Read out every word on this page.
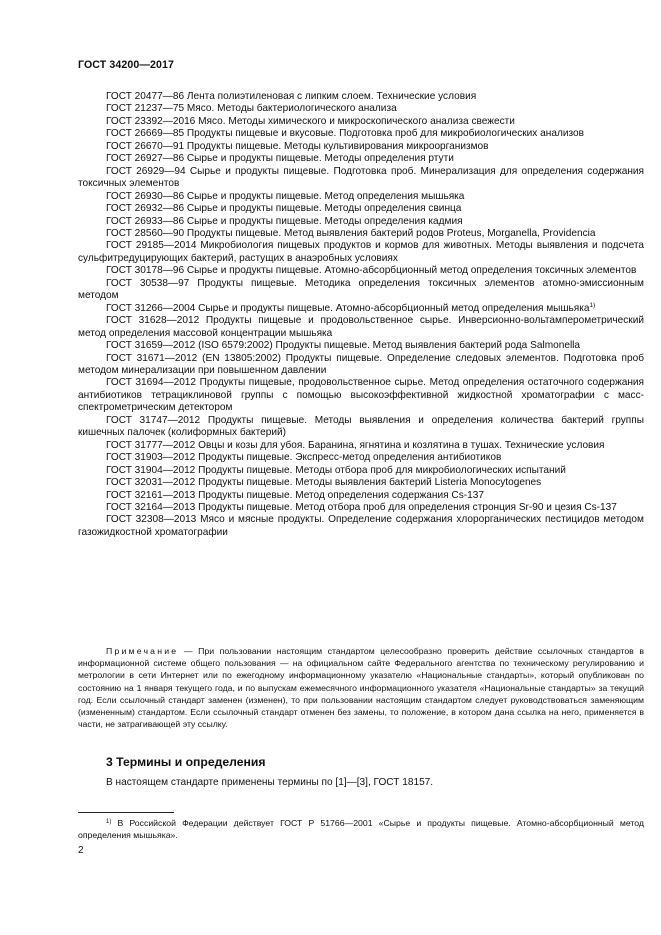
ГОСТ 34200—2017

ГОСТ 20477—86 Лента полиэтиленовая с липким слоем. Технические условия

ГОСТ 21237—75 Мясо. Методы бактериологического анализа

ГОСТ 23392—2016 Мясо. Методы химического и микроскопического анализа свежести

ГОСТ 26669—85 Продукты пищевые и вкусовые. Подготовка проб для микробиологических анализов

ГОСТ 26670—91 Продукты пищевые. Методы культивирования микроорганизмов

ГОСТ 26927—86 Сырье и продукты пищевые. Методы определения ртути

ГОСТ 26929—94 Сырье и продукты пищевые. Подготовка проб. Минерализация для определения содержания токсичных элементов

ГОСТ 26930—86 Сырье и продукты пищевые. Метод определения мышьяка

ГОСТ 26932—86 Сырье и продукты пищевые. Методы определения свинца

ГОСТ 26933—86 Сырье и продукты пищевые. Методы определения кадмия

ГОСТ 28560—90 Продукты пищевые. Метод выявления бактерий родов Proteus, Morganella, Providencia

ГОСТ 29185—2014 Микробиология пищевых продуктов и кормов для животных. Методы выявления и подсчета сульфитредуцирующих бактерий, растущих в анаэробных условиях

ГОСТ 30178—96 Сырье и продукты пищевые. Атомно-абсорбционный метод определения токсичных элементов

ГОСТ 30538—97 Продукты пищевые. Методика определения токсичных элементов атомно-эмиссионным методом

ГОСТ 31266—2004 Сырье и продукты пищевые. Атомно-абсорбционный метод определения мышьяка$^{1)}$

ГОСТ 31628—2012 Продукты пищевые и продовольственное сырье. Инверсионно-вольтамперометрический метод определения массовой концентрации мышьяка

ГОСТ 31659—2012 (ISO 6579:2002) Продукты пищевые. Метод выявления бактерий рода Salmonella

ГОСТ 31671—2012 (EN 13805:2002) Продукты пищевые. Определение следовых элементов. Подготовка проб методом минерализации при повышенном давлении

ГОСТ 31694—2012 Продукты пищевые, продовольственное сырье. Метод определения остаточного содержания антибиотиков тетрациклиновой группы с помощью высокоэффективной жидкостной хроматографии с масс-спектрометрическим детектором

ГОСТ 31747—2012 Продукты пищевые. Методы выявления и определения количества бактерий группы кишечных палочек (колиформных бактерий)

ГОСТ 31777—2012 Овцы и козы для убоя. Баранина, ягнятина и козлятина в тушах. Технические условия

ГОСТ 31903—2012 Продукты пищевые. Экспресс-метод определения антибиотиков

ГОСТ 31904—2012 Продукты пищевые. Методы отбора проб для микробиологических испытаний

ГОСТ 32031—2012 Продукты пищевые. Методы выявления бактерий Listeria Monocytogenes

ГОСТ 32161—2013 Продукты пищевые. Метод определения содержания Cs-137

ГОСТ 32164—2013 Продукты пищевые. Метод отбора проб для определения стронция Sr-90 и цезия Cs-137

ГОСТ 32308—2013 Мясо и мясные продукты. Определение содержания хлорорганических пестицидов методом газожидкостной хроматографии

Примечание — При пользовании настоящим стандартом целесообразно проверить действие ссылочных стандартов в информационной системе общего пользования — на официальном сайте Федерального агентства по техническому регулированию и метрологии в сети Интернет или по ежегодному информационному указателю «Национальные стандарты», который опубликован по состоянию на 1 января текущего года, и по выпускам ежемесячного информационного указателя «Национальные стандарты» за текущий год. Если ссылочный стандарт заменен (изменен), то при пользовании настоящим стандартом следует руководствоваться заменяющим (измененным) стандартом. Если ссылочный стандарт отменен без замены, то положение, в котором дана ссылка на него, применяется в части, не затрагивающей эту ссылку.

3 Термины и определения
В настоящем стандарте применены термины по [1]—[3], ГОСТ 18157.

$^{1)}$ В Российской Федерации действует ГОСТ Р 51766—2001 «Сырье и продукты пищевые. Атомно-абсорбционный метод определения мышьяка».

2
